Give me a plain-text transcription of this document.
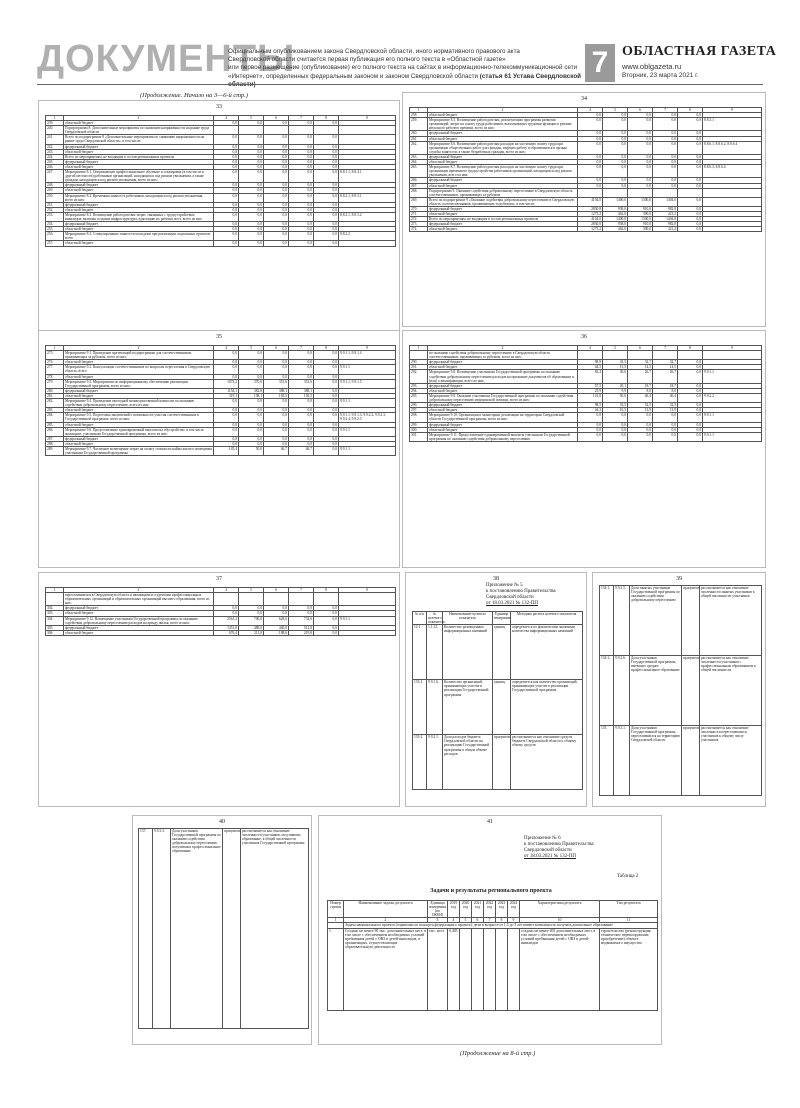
ДОКУМЕНТЫ
Официальным опубликованием закона Свердловской области, иного нормативного правового акта
Свердловской области считается первая публикация его полного текста в «Областной газете»
или первое размещение (опубликование) его полного текста на сайтах в информационно-телекоммуникационной сети
«Интернет», определенных федеральным законом и законом Свердловской области (статья 61 Устава Свердловской 7 ОБЛАСТНАЯ ГАЗЕТА
www.oblgazeta.ru
Вторник, 23 марта 2021 г.
(Продолжение. Начало на 3—6-й стр.)
33
1	2	4	5	6	7	8	9
239.	областной бюджет	0,0	0,0	0,0	0,0	0,0	
240.	Подпрограмма 8. Дополнительные мероприятия по снижению напряженности на рынке труда Свердловской области						
241.	Всего по подпрограмме 8 «Дополнительные мероприятия по снижению напряженности на рынке труда Свердловской области», в том числе:	0,0	0,0	0,0	0,0	0,0	
242.	федеральный бюджет	0,0	0,0	0,0	0,0	0,0	
243.	областной бюджет	0,0	0,0	0,0	0,0	0,0	
244.	Всего по мероприятиям, не входящим в состав региональных проектов	0,0	0,0	0,0	0,0	0,0	
245.	федеральный бюджет	0,0	0,0	0,0	0,0	0,0	
246.	областной бюджет	0,0	0,0	0,0	0,0	0,0	
247.	Мероприятие 8.1. Опережающее профессиональное обучение и стажировка (в том числе в другой местности) работников организаций, находящихся под риском увольнения, а также граждан, находящихся под риском увольнения, всего из них:	0,0	0,0	0,0	0,0	0,0	8.8.1.1, 8.8.4.1
248.	федеральный бюджет	0,0	0,0	0,0	0,0	0,0	
249.	областной бюджет	0,0	0,0	0,0	0,0	0,0	
250.	Мероприятие 8.2. Временная занятость работников, находящихся под риском увольнения, всего из них:	0,0	0,0	0,0	0,0	0,0	8.8.2.1, 8.8.3.1
251.	федеральный бюджет	0,0	0,0	0,0	0,0	0,0	
252.	областной бюджет	0,0	0,0	0,0	0,0	0,0	
253.	Мероприятие 8.3. Возмещение работодателям затрат, связанных с трудоустройством инвалидов, включая создание инфраструктуры, адаптацию их рабочих мест, всего из них:	0,0	0,0	0,0	0,0	0,0	8.8.2.1, 8.8.3.2
254.	федеральный бюджет	0,0	0,0	0,0	0,0	0,0	
255.	областной бюджет	0,0	0,0	0,0	0,0	0,0	
256.	Мероприятие 8.4. Стимулирование занятости молодежи при реализации социальных проектов, всего	0,0	0,0	0,0	0,0	0,0	8.8.2.2
257.	областной бюджет	0,0	0,0	0,0	0,0	0,0	
34
1	2	4	5	6	7	8	9
258.	областной бюджет	0,0	0,0	0,0	0,0	0,0	
259.	Мероприятие 8.5. Возмещение работодателям, реализующим программы развития организаций, затрат на оплату труда работников, выполняющих трудовые функции в режиме неполного рабочего времени, всего из них:	0,0	0,0	0,0	0,0	0,0	8.8.3.1
260.	федеральный бюджет	0,0	0,0	0,0	0,0	0,0	
261.	областной бюджет	0,0	0,0	0,0	0,0	0,0	
262.	Мероприятие 8.6. Возмещение работодателям расходов на частичную оплату труда при организации общественных работ для граждан, ищущих работу и обратившихся в органы службы занятости, а также безработных граждан, всего из них:	0,0	0,0	0,0	0,0	0,0	8.8.6.1, 8.8.6.2, 8.8.6.4
263.	федеральный бюджет	0,0	0,0	0,0	0,0	0,0	
264.	областной бюджет	0,0	0,0	0,0	0,0	0,0	
265.	Мероприятие 8.7. Возмещение работодателям расходов на частичную оплату труда при организации временного трудоустройства работников организаций, находящихся под риском увольнения, всего из них:	0,0	0,0	0,0	0,0	0,0	8.8.6.3, 8.8.6.4
266.	федеральный бюджет	0,0	0,0	0,0	0,0	0,0	
267.	областной бюджет	0,0	0,0	0,0	0,0	0,0	
268.	Подпрограмма 9. Оказание содействия добровольному переселению в Свердловскую область соотечественников, проживающих за рубежом						
269.	Всего по подпрограмме 9 «Оказание содействия добровольному переселению в Свердловскую область соотечественников, проживающих за рубежом», в том числе:	4104,0	1400,0	1300,0	1404,0	0,0	
270.	федеральный бюджет	2830,8	938,0	910,0	982,8	0,0	
271.	областной бюджет	1273,2	462,0	390,0	421,2	0,0	
272.	Всего по мероприятиям, не входящим в состав региональных проектов	4104,0	1400,0	1300,0	1404,0	0,0	
273.	федеральный бюджет	2830,8	938,0	910,0	982,8	0,0	
274.	областной бюджет	1273,2	462,0	390,0	421,2	0,0	
35
1	2	4	5	6	7	8	9
275.	Мероприятие 9.1. Проведение презентаций подпрограммы для соотечественников, проживающих за рубежом, всего из них:	0,0	0,0	0,0	0,0	0,0	9.9.1.1, 9.9.1.4
276.	областной бюджет	0,0	0,0	0,0	0,0	0,0	
277.	Мероприятие 9.2. Консультации соотечественников по вопросам переселения в Свердловскую область, всего	0,0	0,0	0,0	0,0	0,0	9.9.1.1
278.	областной бюджет	0,0	0,0	0,0	0,0	0,0	
279.	Мероприятие 9.3. Мероприятия по информационному обеспечению реализации Государственной программы, всего из них:	1073,2	370,0	351,6	351,6	0,0	9.9.1.1, 9.9.1.5
280.	федеральный бюджет	1154,1	382,8	388,1	388,1	0,0	
281.	областной бюджет	319,1	108,1	105,5	105,5	0,0	
282.	Мероприятие 9.4. Проведение ежегодной межведомственной комиссии по оказанию содействия добровольному переселению, всего из них:	0,0	0,0	0,0	0,0	0,0	9.9.1.1
283.	областной бюджет	0,0	0,0	0,0	0,0	0,0	
284.	Мероприятие 9.5. Подготовка заключений о возможности участия соотечественников в Государственной программе, всего из них:	0,0	0,0	0,0	0,0	0,0	9.9.1.1, 9.9.1.3, 9.9.2.2, 9.9.2.3, 9.9.2.4, 9.9.2.5
285.	областной бюджет	0,0	0,0	0,0	0,0	0,0	
286.	Мероприятие 9.6. Предоставление единовременной выплаты на обустройство, в том числе жилищное, участникам Государственной программы, всего из них:	0,0	0,0	0,0	0,0	0,0	9.9.1.1
287.	федеральный бюджет	0,0	0,0	0,0	0,0	0,0	
288.	областной бюджет	0,0	0,0	0,0	0,0	0,0	
289.	Мероприятие 9.7. Частичное возмещение затрат на оплату стоимости найма жилого помещения участникам Государственной программы	145,4	50,0	46,7	46,7	0,0	9.9.1.1
36
1	2	4	5	6	7	8	9
	по оказанию содействия добровольному переселению в Свердловскую область соотечественников, проживающих за рубежом, всего из них:						
290.	федеральный бюджет	98,9	33,5	32,7	32,7	0,0	
291.	областной бюджет	44,5	15,5	14,5	14,5	0,0	
292.	Мероприятие 9.8. Возмещение участникам Государственной программы по оказанию содействия добровольному переселению расходов на признание документов об образовании и (или) о квалификации, всего из них:	83,4	30,0	26,7	26,7	0,0	9.9.1.1
293.	федеральный бюджет	57,5	20,1	18,7	18,7	0,0	
294.	областной бюджет	25,9	9,9	8,0	8,0	0,0	
295.	Мероприятие 9.9. Оказание участникам Государственной программы по оказанию содействия добровольному переселению медицинской помощи, всего из них:	141,8	50,0	46,4	46,4	0,0	9.9.2.2
296.	федеральный бюджет	98,5	33,5	32,5	32,5	0,0	
297.	областной бюджет	44,3	16,5	13,9	13,9	0,0	
298.	Мероприятие 9.10. Организация и мониторинг реализации на территории Свердловской области Государственной программы, всего из них:	0,0	0,0	0,0	0,0	0,0	9.9.1.1
299.	федеральный бюджет	0,0	0,0	0,0	0,0	0,0	
300.	областной бюджет	0,0	0,0	0,0	0,0	0,0	
301.	Мероприятие 9.11. Предоставление единовременной выплаты участникам Государственной программы по оказанию содействия добровольному переселению	0,0	0,0	0,0	0,0	0,0	9.9.1.1
37
1	2	4	5	6	7	8	9
	переселившимся в Свердловскую область и являющимся студентами профессиональных образовательных организаций и образовательных организаций высшего образования, всего из них:						
302.	федеральный бюджет	0,0	0,0	0,0	0,0	0,0	
303.	областной бюджет	0,0	0,0	0,0	0,0	0,0	
304.	Мероприятие 9.12. Возмещение участникам Государственной программы по оказанию содействия добровольному переселению расходов на аренду жилья, всего из них:	2561,2	700,0	628,6	732,6	0,0	9.9.1.1
305.	федеральный бюджет	1451,8	489,0	440,0	512,8	0,0	
306.	областной бюджет	676,4	211,0	188,6	219,8	0,0	
38
Приложение № 5
к постановлению Правительства
Свердловской области
от 18.03.2021 № 132-ПП
№ п/п	№ целевого показателя	Наименование целевого показателя	Единица измерения	Методика расчета целевого показателя
12-1.	1.1.12.	Количество размещенных информационных кампаний	единиц	определяется по фактическим значениям количества информационных кампаний
133-1.	9.9.1.6.	Количество организаций, принимающих участие в реализации Государственной программы	единиц	определяется как количество организаций, принимающих участие в реализации Государственной программы
133-2.	9.9.2.1.	Доля расходов бюджета Свердловской области на реализацию Государственной программы в общем объеме расходов	процентов	рассчитывается как отношение средств бюджета Свердловской области к общему объему средств
39
134-1.	9.9.2.5.	Доля занятых участников Государственной программы по оказанию содействия добровольному переселению	процентов	рассчитывается как отношение численности занятых участников к общей численности участников
134-2.	9.9.2.6.	Доля участников Государственной программы, имеющих среднее профессиональное образование	процентов	рассчитывается как отношение численности участников с профессиональным образованием к общей численности
135.	9.9.3.1.	Доля участников Государственной программы, переселившихся на территорию Свердловской области	процентов	рассчитывается как отношение численности переселившихся участников к общему числу участников
40
137.	9.9.3.3.	Доля участников Государственной программы по оказанию содействия добровольному переселению, получивших профессиональное образование	процентов	рассчитывается как отношение численности участников, получивших образование, к общей численности участников Государственной программы
41
Приложение № 6
к постановлению Правительства
Свердловской области
от 18.03.2021 № 132-ПП
Таблица 2
Задачи и результаты регионального проекта
Номер строки	Наименование задачи, результата	Единица измерения (по ОКЕИ)	2019 год	2020 год	2021 год	2022 год	2023 год	2024 год	Характеристика результата	Тип результата
1	2	3	4	5	6	7	8	9	10	11
	Задача национального проекта (справочно из паспорта федерального проекта): дети в возрасте от 1,5 до 3 лет имеют возможность получать дошкольное образование									
1.	Создано не менее 90 тыс. дополнительных мест, в том числе с обеспечением необходимых условий пребывания детей с ОВЗ и детей-инвалидов, в организациях, осуществляющих образовательную деятельность	тыс. мест	0,405						создано не менее 405 дополнительных мест, в том числе с обеспечением необходимых условий пребывания детей с ОВЗ и детей-инвалидов	строительство (реконструкция, техническое перевооружение, приобретение) объекта недвижимого имущества
(Продолжение на 8-й стр.)
